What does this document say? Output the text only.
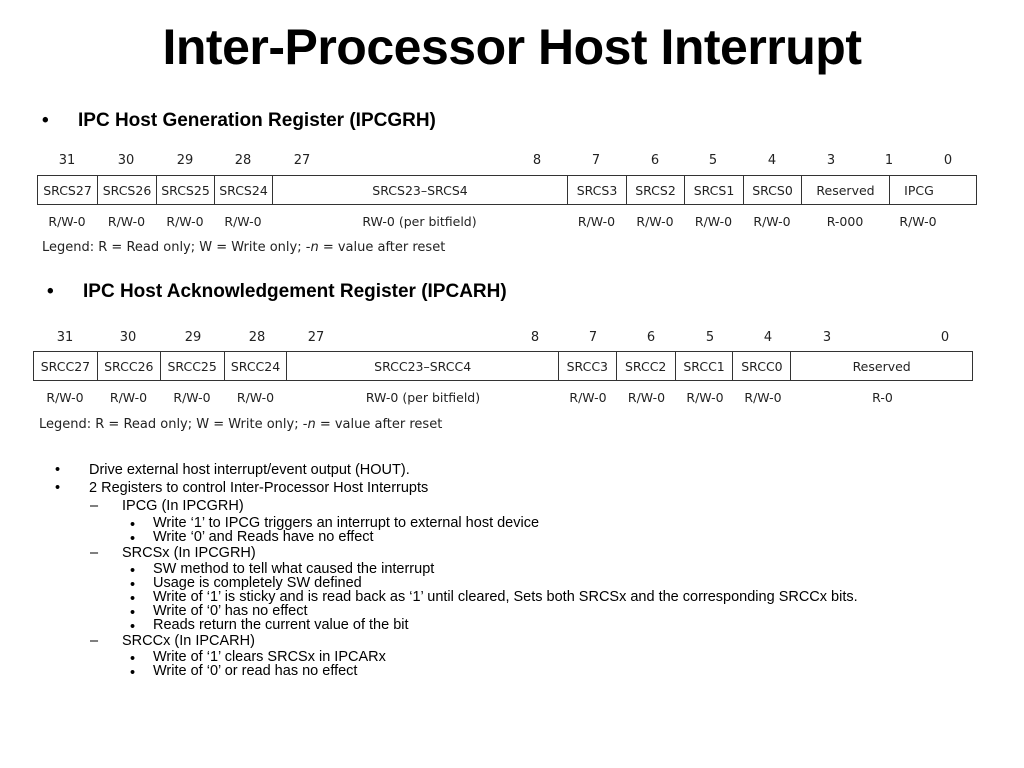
Inter-Processor Host Interrupt
• IPC Host Generation Register (IPCGRH)
31	30	29	28	27	8	7	6	5	4	3	1	0
SRCS27 SRCS26 SRCS25 SRCS24	SRCS23–SRCS4	SRCS3	SRCS2	SRCS1	SRCS0	Reserved	IPCG
R/W-0	R/W-0	R/W-0	R/W-0	RW-0 (per bitfield)	R/W-0	R/W-0	R/W-0	R/W-0	R-000	R/W-0
Legend: R = Read only; W = Write only; -n = value after reset
• IPC Host Acknowledgement Register (IPCARH)
31	30	29	28	27	8	7	6	5	4	3	0
SRCC27	SRCC26	SRCC25	SRCC24	SRCC23–SRCC4	SRCC3	SRCC2	SRCC1	SRCC0	Reserved
R/W-0	R/W-0	R/W-0	R/W-0	RW-0 (per bitfield)	R/W-0	R/W-0	R/W-0	R/W-0	R-0
Legend: R = Read only; W = Write only; -n = value after reset
• Drive external host interrupt/event output (HOUT).
• 2 Registers to control Inter-Processor Host Interrupts
– IPCG (In IPCGRH)
• Write ‘1’ to IPCG triggers an interrupt to external host device
• Write ‘0’ and Reads have no effect
– SRCSx (In IPCGRH)
• SW method to tell what caused the interrupt
• Usage is completely SW defined
• Write of ‘1’ is sticky and is read back as ‘1’ until cleared, Sets both SRCSx and the corresponding SRCCx bits.
• Write of ‘0’ has no effect
• Reads return the current value of the bit
– SRCCx (In IPCARH)
• Write of ‘1’ clears SRCSx in IPCARx
• Write of ‘0’ or read has no effect
